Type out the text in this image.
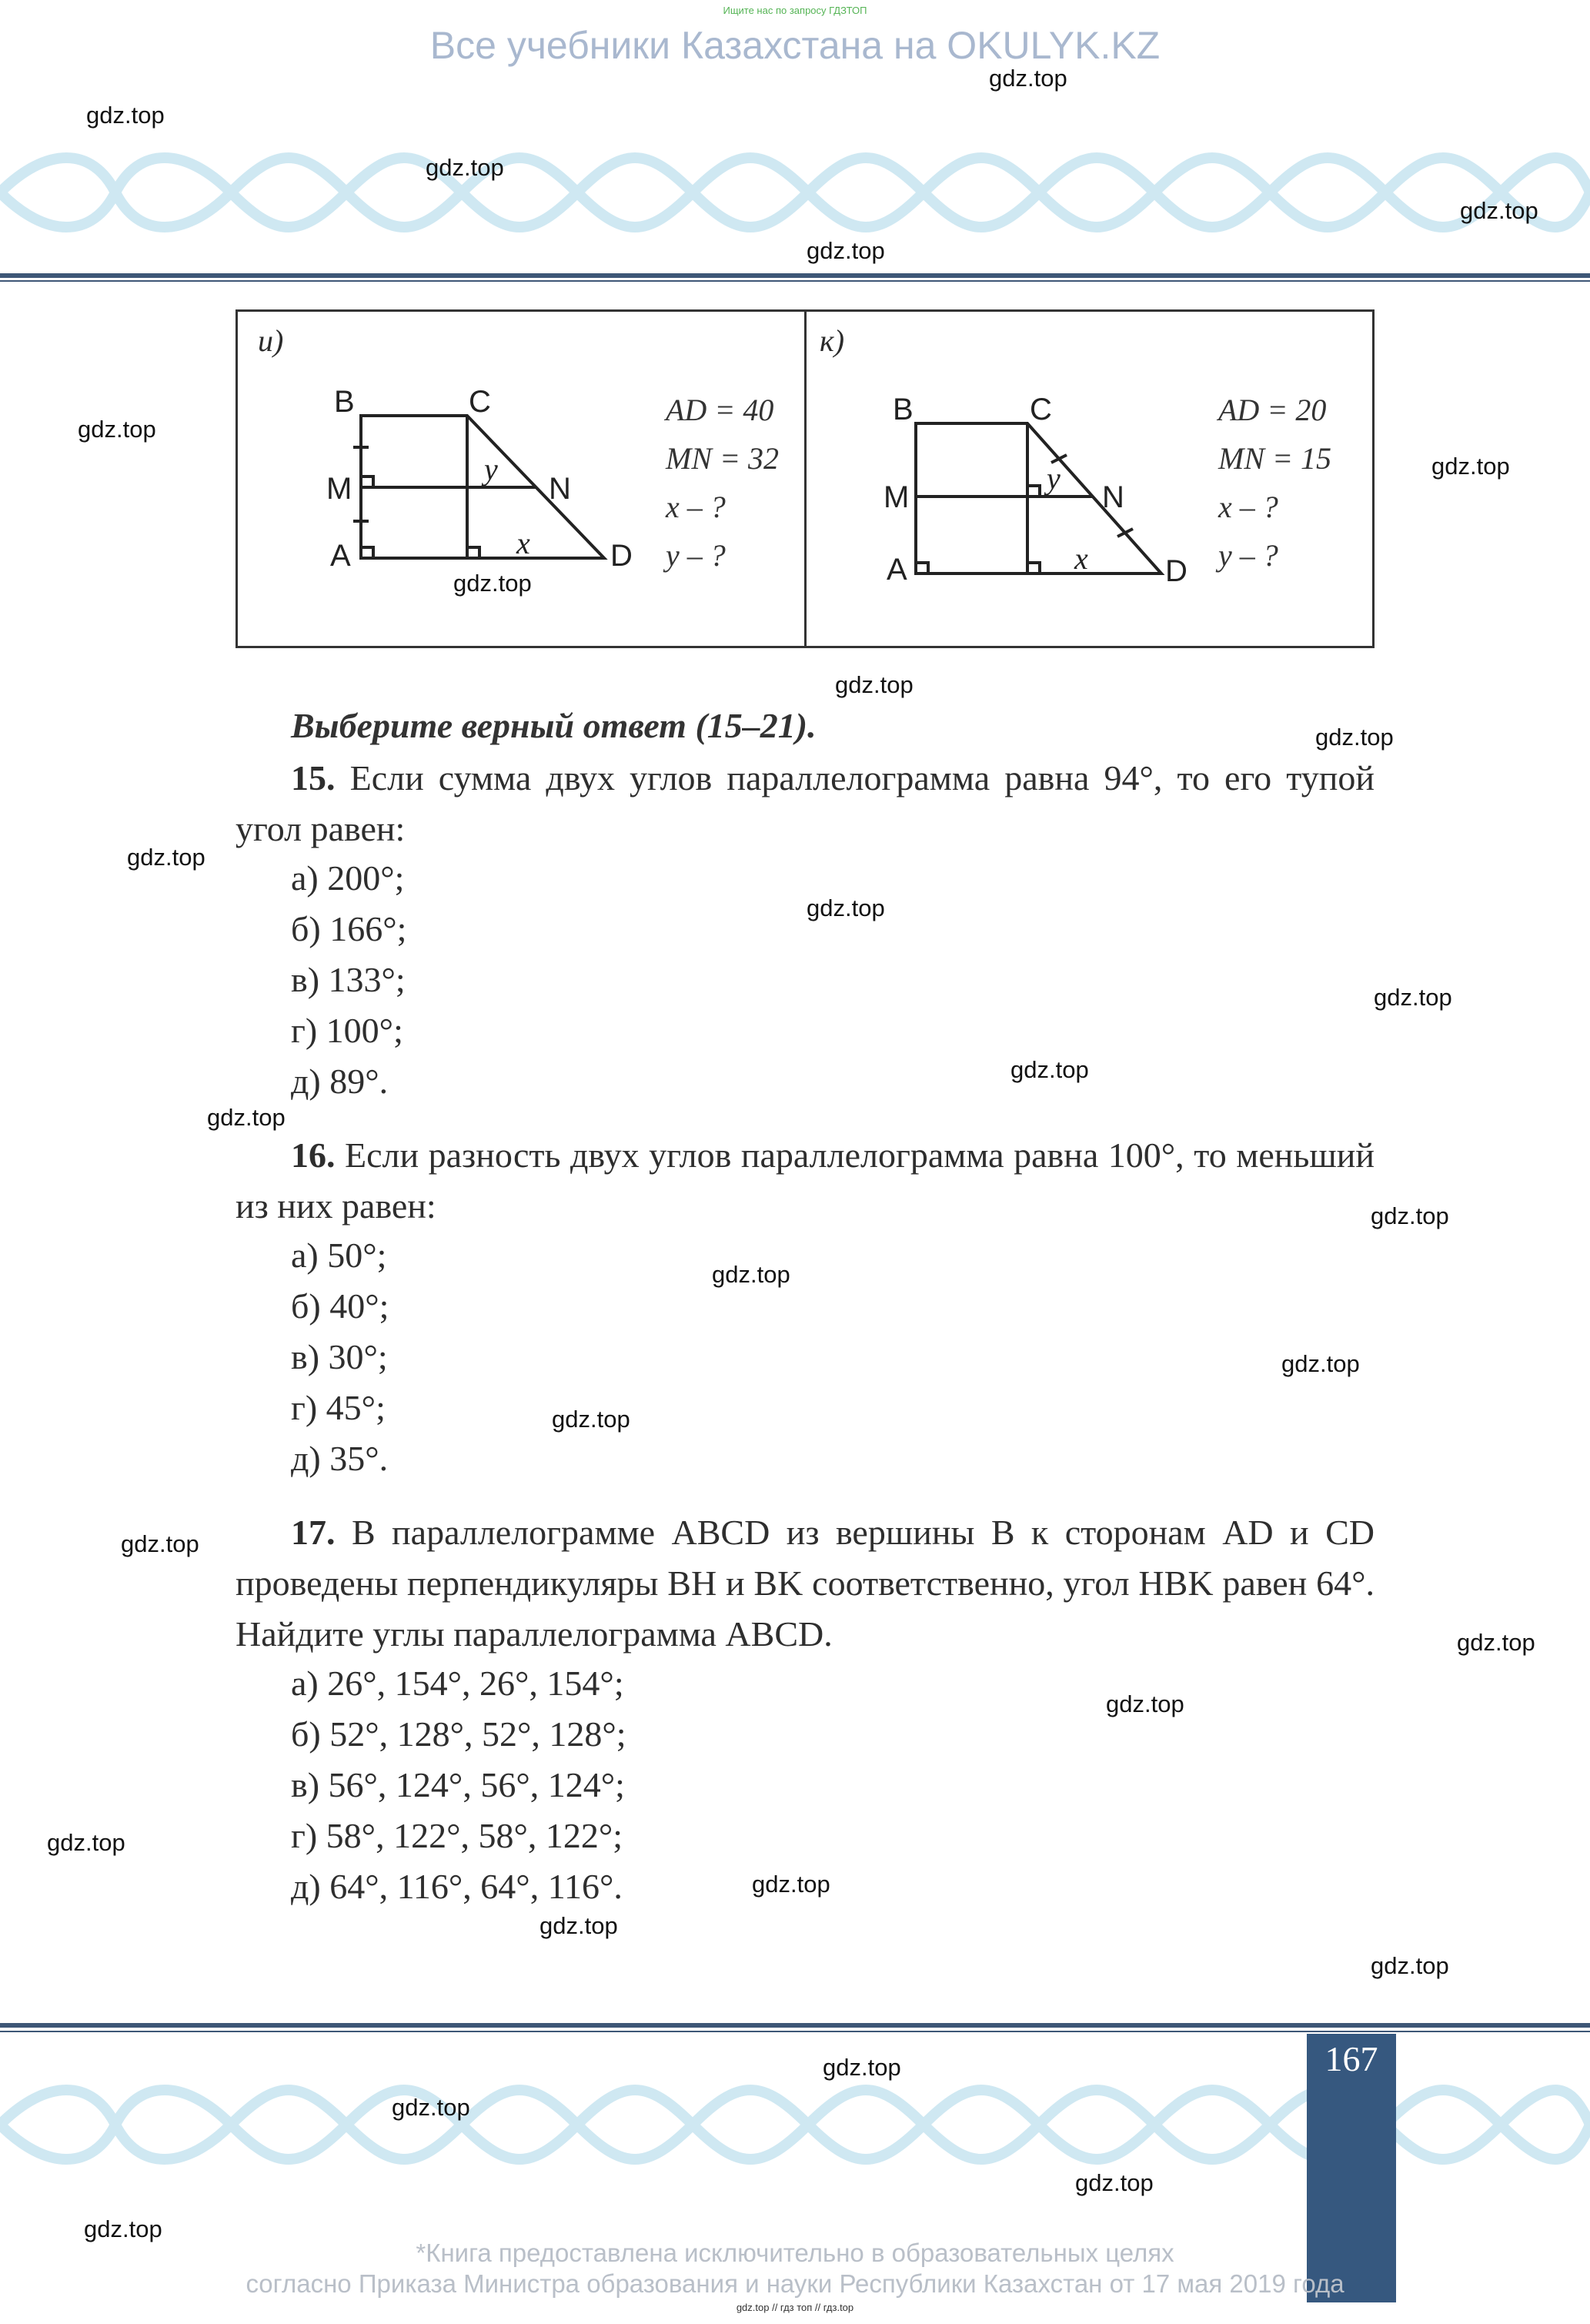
Ищите нас по запросу ГДЗТОП
Все учебники Казахстана на OKULYK.KZ
и)
B	C
M	N
A	D
y
x
AD = 40
MN = 32
x – ?
y – ?
к)
B	C
M	N
A	D
y
x
AD = 20
MN = 15
x – ?
y – ?
Выберите верный ответ (15–21).
15. Если сумма двух углов параллелограмма равна 94°, то его тупой угол равен:
а) 200°;
б) 166°;
в) 133°;
г) 100°;
д) 89°.
16. Если разность двух углов параллелограмма равна 100°, то меньший из них равен:
а) 50°;
б) 40°;
в) 30°;
г) 45°;
д) 35°.
17. В параллелограмме ABCD из вершины B к сторонам AD и CD проведены перпендикуляры BH и BK соответственно, угол HBK равен 64°. Найдите углы параллелограмма ABCD.
а) 26°, 154°, 26°, 154°;
б) 52°, 128°, 52°, 128°;
в) 56°, 124°, 56°, 124°;
г) 58°, 122°, 58°, 122°;
д) 64°, 116°, 64°, 116°.
167
*Книга предоставлена исключительно в образовательных целях
согласно Приказа Министра образования и науки Республики Казахстан от 17 мая 2019 года
gdz.top // гдз топ // гдз.top
gdz.top
gdz.top
gdz.top
gdz.top
gdz.top
gdz.top
gdz.top
gdz.top
gdz.top
gdz.top
gdz.top
gdz.top
gdz.top
gdz.top
gdz.top
gdz.top
gdz.top
gdz.top
gdz.top
gdz.top
gdz.top
gdz.top
gdz.top
gdz.top
gdz.top
gdz.top
gdz.top
gdz.top
gdz.top
gdz.top
